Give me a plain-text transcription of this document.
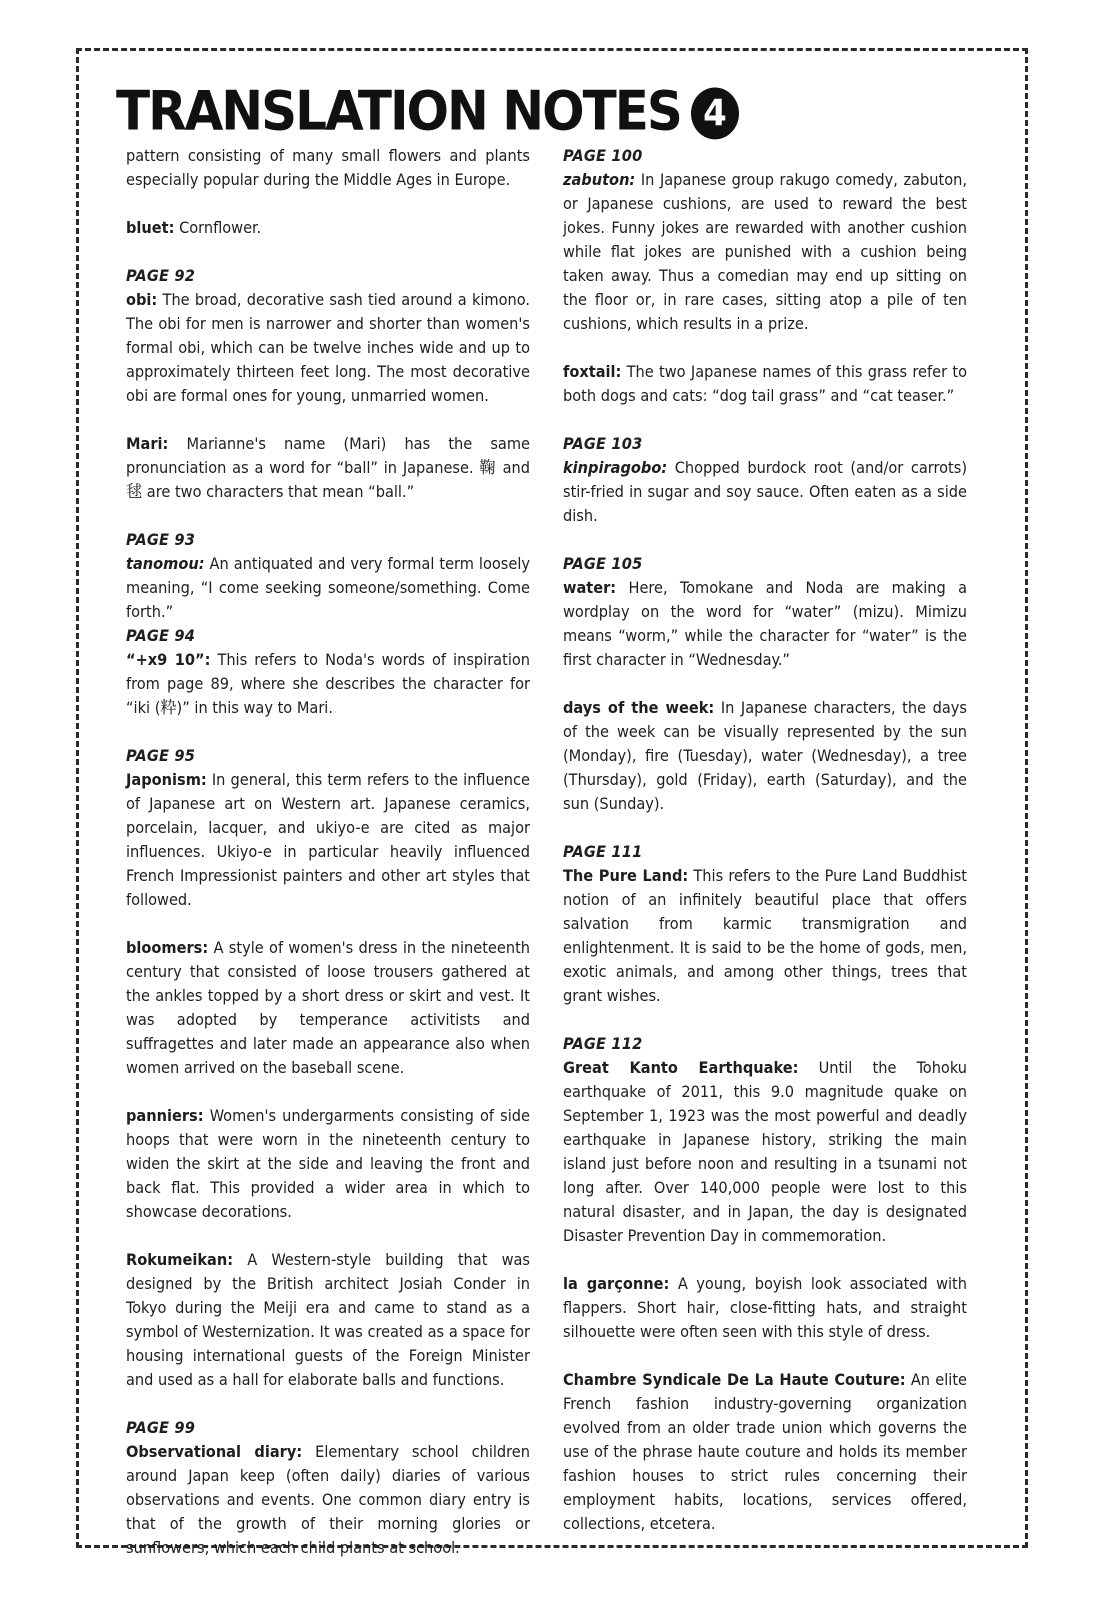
TRANSLATION NOTES 4

pattern consisting of many small flowers and plants especially popular during the Middle Ages in Europe.

bluet: Cornflower.

PAGE 92

obi: The broad, decorative sash tied around a kimono. The obi for men is narrower and shorter than women's formal obi, which can be twelve inches wide and up to approximately thirteen feet long. The most decorative obi are formal ones for young, unmarried women.

Mari: Marianne's name (Mari) has the same pronunciation as a word for “ball” in Japanese. 鞠 and 毬 are two characters that mean “ball.”

PAGE 93

tanomou: An antiquated and very formal term loosely meaning, “I come seeking someone/something. Come forth.”

PAGE 94

“+x9 10”: This refers to Noda's words of inspiration from page 89, where she describes the character for “iki (粋)” in this way to Mari.

PAGE 95

Japonism: In general, this term refers to the influence of Japanese art on Western art. Japanese ceramics, porcelain, lacquer, and ukiyo-e are cited as major influences. Ukiyo-e in particular heavily influenced French Impressionist painters and other art styles that followed.

bloomers: A style of women's dress in the nineteenth century that consisted of loose trousers gathered at the ankles topped by a short dress or skirt and vest. It was adopted by temperance activitists and suffragettes and later made an appearance also when women arrived on the baseball scene.

panniers: Women's undergarments consisting of side hoops that were worn in the nineteenth century to widen the skirt at the side and leaving the front and back flat. This provided a wider area in which to showcase decorations.

Rokumeikan: A Western-style building that was designed by the British architect Josiah Conder in Tokyo during the Meiji era and came to stand as a symbol of Westernization. It was created as a space for housing international guests of the Foreign Minister and used as a hall for elaborate balls and functions.

PAGE 99

Observational diary: Elementary school children around Japan keep (often daily) diaries of various observations and events. One common diary entry is that of the growth of their morning glories or sunflowers, which each child plants at school.

PAGE 100

zabuton: In Japanese group rakugo comedy, zabuton, or Japanese cushions, are used to reward the best jokes. Funny jokes are rewarded with another cushion while flat jokes are punished with a cushion being taken away. Thus a comedian may end up sitting on the floor or, in rare cases, sitting atop a pile of ten cushions, which results in a prize.

foxtail: The two Japanese names of this grass refer to both dogs and cats: “dog tail grass” and “cat teaser.”

PAGE 103

kinpiragobo: Chopped burdock root (and/or carrots) stir-fried in sugar and soy sauce. Often eaten as a side dish.

PAGE 105

water: Here, Tomokane and Noda are making a wordplay on the word for “water” (mizu). Mimizu means “worm,” while the character for “water” is the first character in “Wednesday.”

days of the week: In Japanese characters, the days of the week can be visually represented by the sun (Monday), fire (Tuesday), water (Wednesday), a tree (Thursday), gold (Friday), earth (Saturday), and the sun (Sunday).

PAGE 111

The Pure Land: This refers to the Pure Land Buddhist notion of an infinitely beautiful place that offers salvation from karmic transmigration and enlightenment. It is said to be the home of gods, men, exotic animals, and among other things, trees that grant wishes.

PAGE 112

Great Kanto Earthquake: Until the Tohoku earthquake of 2011, this 9.0 magnitude quake on September 1, 1923 was the most powerful and deadly earthquake in Japanese history, striking the main island just before noon and resulting in a tsunami not long after. Over 140,000 people were lost to this natural disaster, and in Japan, the day is designated Disaster Prevention Day in commemoration.

la garçonne: A young, boyish look associated with flappers. Short hair, close-fitting hats, and straight silhouette were often seen with this style of dress.

Chambre Syndicale De La Haute Couture: An elite French fashion industry-governing organization evolved from an older trade union which governs the use of the phrase haute couture and holds its member fashion houses to strict rules concerning their employment habits, locations, services offered, collections, etcetera.
